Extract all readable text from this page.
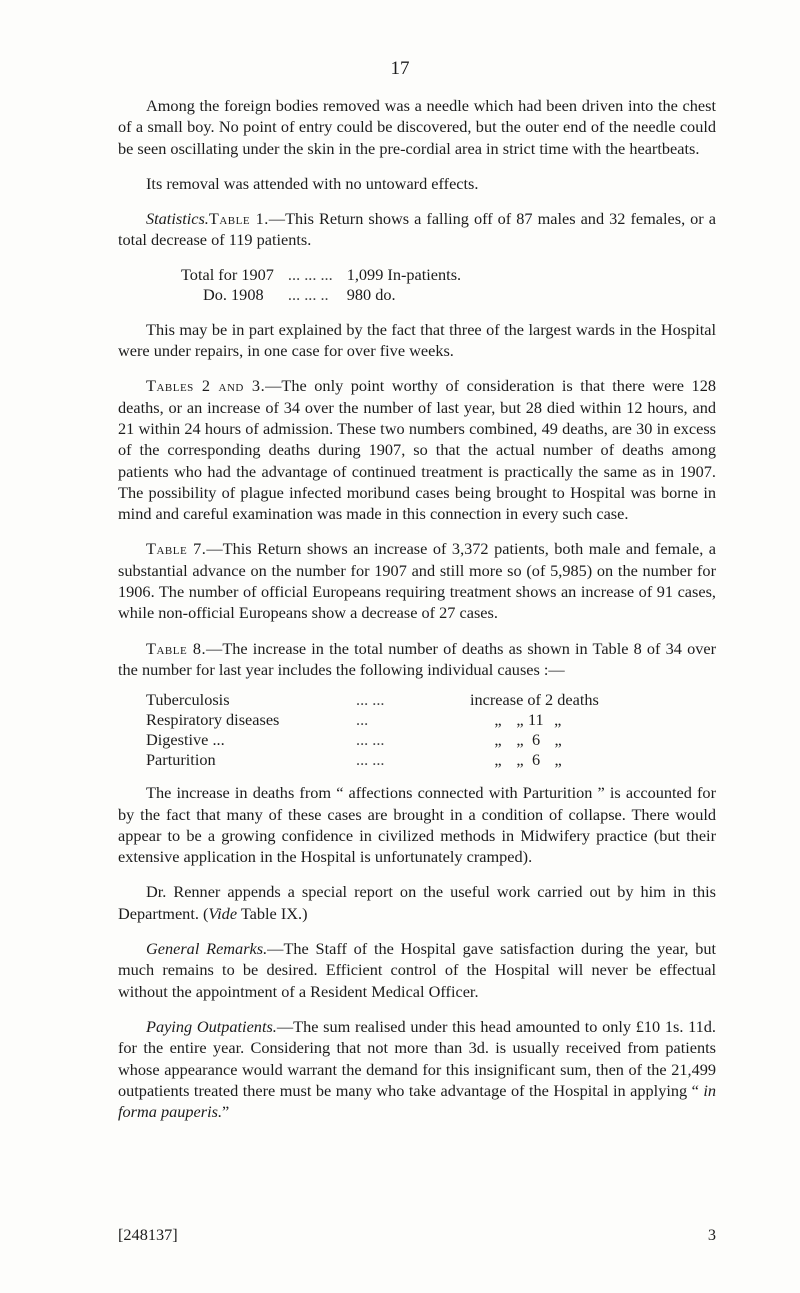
17

Among the foreign bodies removed was a needle which had been driven into the chest of a small boy. No point of entry could be discovered, but the outer end of the needle could be seen oscillating under the skin in the pre-cordial area in strict time with the heartbeats.

Its removal was attended with no untoward effects.

Statistics.Table 1.—This Return shows a falling off of 87 males and 32 females, or a total decrease of 119 patients.

Total for 1907	... ... ...	1,099 In-patients.
Do. 1908	... ... ..	980 do.

This may be in part explained by the fact that three of the largest wards in the Hospital were under repairs, in one case for over five weeks.

Tables 2 and 3.—The only point worthy of consideration is that there were 128 deaths, or an increase of 34 over the number of last year, but 28 died within 12 hours, and 21 within 24 hours of admission. These two numbers combined, 49 deaths, are 30 in excess of the corresponding deaths during 1907, so that the actual number of deaths among patients who had the advantage of continued treatment is practically the same as in 1907. The possibility of plague infected moribund cases being brought to Hospital was borne in mind and careful examination was made in this connection in every such case.

Table 7.—This Return shows an increase of 3,372 patients, both male and female, a substantial advance on the number for 1907 and still more so (of 5,985) on the number for 1906. The number of official Europeans requiring treatment shows an increase of 91 cases, while non-official Europeans show a decrease of 27 cases.

Table 8.—The increase in the total number of deaths as shown in Table 8 of 34 over the number for last year includes the following individual causes :—

Tuberculosis	... ...	increase of 2 deaths
Respiratory diseases	...	„ „ 11 „
Digestive ...	... ...	„ „ 6 „
Parturition	... ...	„ „ 6 „

The increase in deaths from “ affections connected with Parturition ” is accounted for by the fact that many of these cases are brought in a condition of collapse. There would appear to be a growing confidence in civilized methods in Midwifery practice (but their extensive application in the Hospital is unfortunately cramped).

Dr. Renner appends a special report on the useful work carried out by him in this Department. (Vide Table IX.)

General Remarks.—The Staff of the Hospital gave satisfaction during the year, but much remains to be desired. Efficient control of the Hospital will never be effectual without the appointment of a Resident Medical Officer.

Paying Outpatients.—The sum realised under this head amounted to only £10 1s. 11d. for the entire year. Considering that not more than 3d. is usually received from patients whose appearance would warrant the demand for this insignificant sum, then of the 21,499 outpatients treated there must be many who take advantage of the Hospital in applying “ in forma pauperis.”

[248137]	3
